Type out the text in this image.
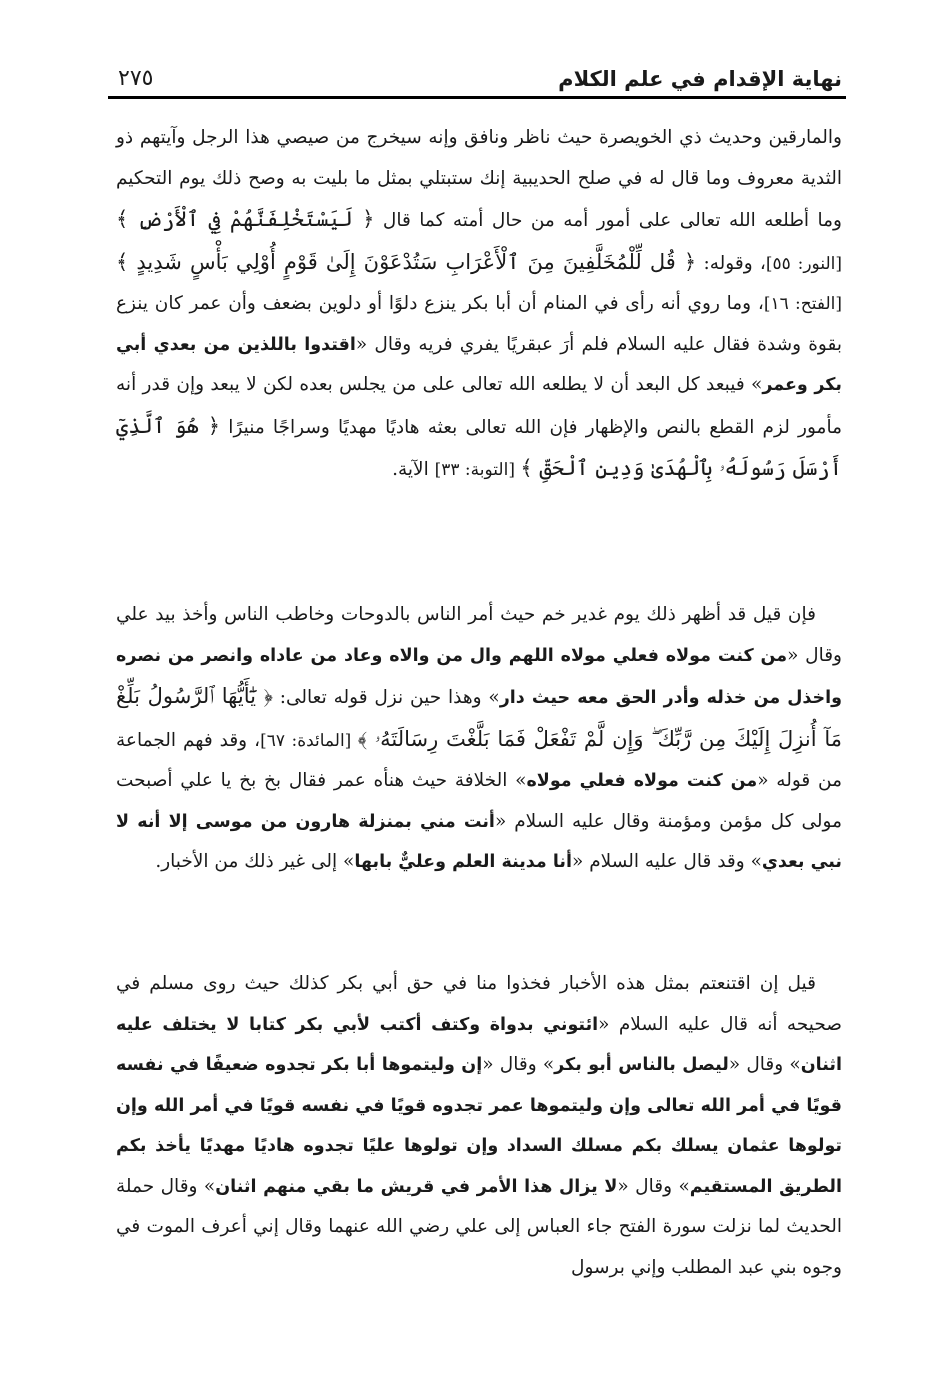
نهاية الإقدام في علم الكلام
٢٧٥
والمارقين وحديث ذي الخويصرة حيث ناظر ونافق وإنه سيخرج من صيصي هذا الرجل وآيتهم ذو الثدية معروف وما قال له في صلح الحديبية إنك ستبتلي بمثل ما بليت به وصح ذلك يوم التحكيم وما أطلعه الله تعالى على أمور أمه من حال أمته كما قال ﴿ لَيَسْتَخْلِفَنَّهُمْ فِي ٱلْأَرْضِ ﴾ [النور: ٥٥]، وقوله: ﴿ قُل لِّلْمُخَلَّفِينَ مِنَ ٱلْأَعْرَابِ سَتُدْعَوْنَ إِلَىٰ قَوْمٍ أُوْلِي بَأْسٍ شَدِيدٍ ﴾ [الفتح: ١٦]، وما روي أنه رأى في المنام أن أبا بكر ينزع دلوًا أو دلوين بضعف وأن عمر كان ينزع بقوة وشدة فقال عليه السلام فلم أرَ عبقريًا يفري فريه وقال «اقتدوا باللذين من بعدي أبي بكر وعمر» فيبعد كل البعد أن لا يطلعه الله تعالى على من يجلس بعده لكن لا يبعد وإن قدر أنه مأمور لزم القطع بالنص والإظهار فإن الله تعالى بعثه هاديًا مهديًا وسراجًا منيرًا ﴿ هُوَ ٱلَّذِيٓ أَرْسَلَ رَسُولَهُۥ بِٱلْهُدَىٰ وَدِينِ ٱلْحَقِّ ﴾ [التوبة: ٣٣] الآية.
فإن قيل قد أظهر ذلك يوم غدير خم حيث أمر الناس بالدوحات وخاطب الناس وأخذ بيد علي وقال «من كنت مولاه فعلي مولاه اللهم وال من والاه وعاد من عاداه وانصر من نصره واخذل من خذله وأدر الحق معه حيث دار» وهذا حين نزل قوله تعالى: ﴿ يَٰٓأَيُّهَا ٱلرَّسُولُ بَلِّغْ مَآ أُنزِلَ إِلَيْكَ مِن رَّبِّكَ ۖ وَإِن لَّمْ تَفْعَلْ فَمَا بَلَّغْتَ رِسَالَتَهُۥ ﴾ [المائدة: ٦٧]، وقد فهم الجماعة من قوله «من كنت مولاه فعلي مولاه» الخلافة حيث هنأه عمر فقال بخ بخ يا علي أصبحت مولى كل مؤمن ومؤمنة وقال عليه السلام «أنت مني بمنزلة هارون من موسى إلا أنه لا نبي بعدي» وقد قال عليه السلام «أنا مدينة العلم وعليٌّ بابها» إلى غير ذلك من الأخبار.
قيل إن اقتنعتم بمثل هذه الأخبار فخذوا منا في حق أبي بكر كذلك حيث روى مسلم في صحيحه أنه قال عليه السلام «ائتوني بدواة وكتف أكتب لأبي بكر كتابا لا يختلف عليه اثنان» وقال «ليصل بالناس أبو بكر» وقال «إن وليتموها أبا بكر تجدوه ضعيفًا في نفسه قويًا في أمر الله تعالى وإن وليتموها عمر تجدوه قويًا في نفسه قويًا في أمر الله وإن تولوها عثمان يسلك بكم مسلك السداد وإن تولوها عليًا تجدوه هاديًا مهديًا يأخذ بكم الطريق المستقيم» وقال «لا يزال هذا الأمر في قريش ما بقي منهم اثنان» وقال حملة الحديث لما نزلت سورة الفتح جاء العباس إلى علي رضي الله عنهما وقال إني أعرف الموت في وجوه بني عبد المطلب وإني برسول
